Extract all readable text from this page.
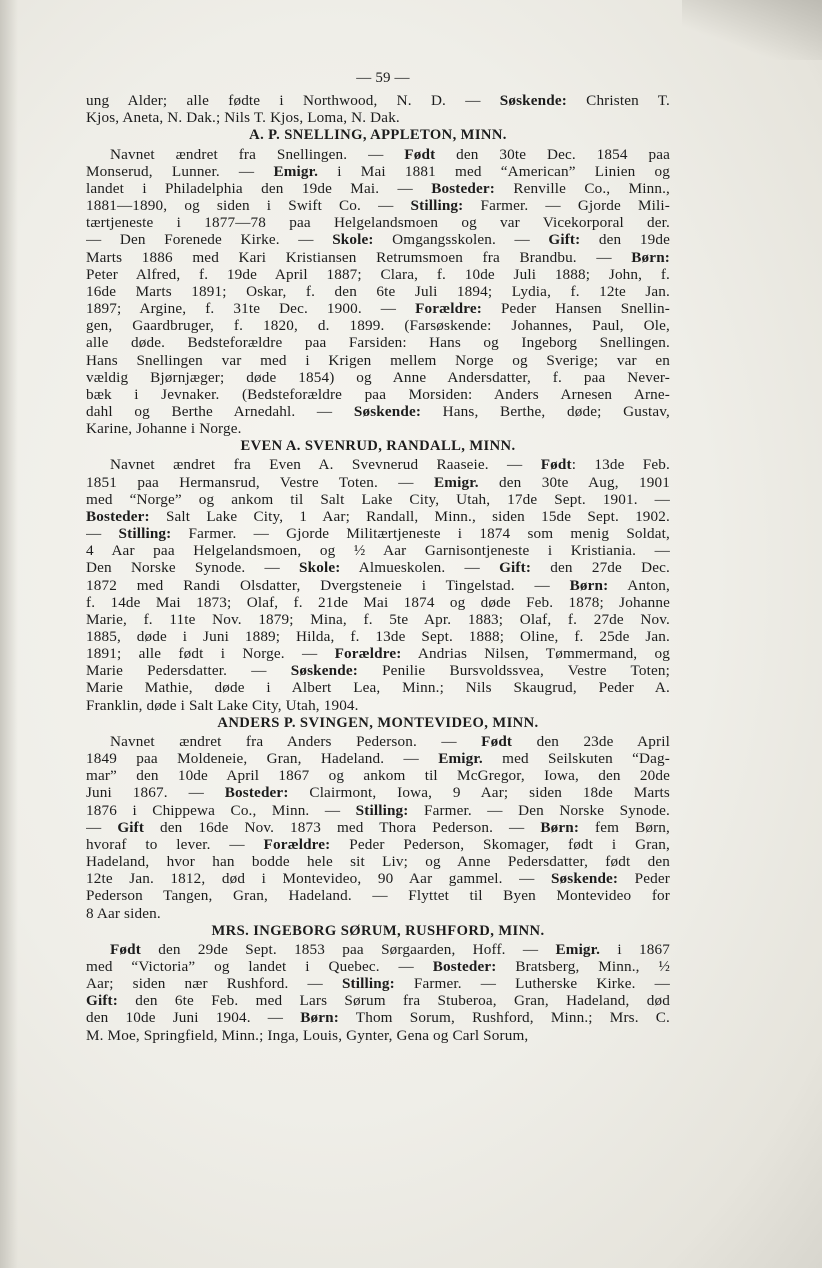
— 59 —
ung Alder; alle fødte i Northwood, N. D. — Søskende: Christen T.
Kjos, Aneta, N. Dak.; Nils T. Kjos, Loma, N. Dak.
A. P. SNELLING, APPLETON, MINN.
Navnet ændret fra Snellingen. — Født den 30te Dec. 1854 paa
Monserud, Lunner. — Emigr. i Mai 1881 med “American” Linien og
landet i Philadelphia den 19de Mai. — Bosteder: Renville Co., Minn.,
1881—1890, og siden i Swift Co. — Stilling: Farmer. — Gjorde Mili-
tærtjeneste i 1877—78 paa Helgelandsmoen og var Vicekorporal der.
— Den Forenede Kirke. — Skole: Omgangsskolen. — Gift: den 19de
Marts 1886 med Kari Kristiansen Retrumsmoen fra Brandbu. — Børn:
Peter Alfred, f. 19de April 1887; Clara, f. 10de Juli 1888; John, f.
16de Marts 1891; Oskar, f. den 6te Juli 1894; Lydia, f. 12te Jan.
1897; Argine, f. 31te Dec. 1900. — Forældre: Peder Hansen Snellin-
gen, Gaardbruger, f. 1820, d. 1899. (Farsøskende: Johannes, Paul, Ole,
alle døde. Bedsteforældre paa Farsiden: Hans og Ingeborg Snellingen.
Hans Snellingen var med i Krigen mellem Norge og Sverige; var en
vældig Bjørnjæger; døde 1854) og Anne Andersdatter, f. paa Never-
bæk i Jevnaker. (Bedsteforældre paa Morsiden: Anders Arnesen Arne-
dahl og Berthe Arnedahl. — Søskende: Hans, Berthe, døde; Gustav,
Karine, Johanne i Norge.
EVEN A. SVENRUD, RANDALL, MINN.
Navnet ændret fra Even A. Svevnerud Raaseie. — Født: 13de Feb.
1851 paa Hermansrud, Vestre Toten. — Emigr. den 30te Aug, 1901
med “Norge” og ankom til Salt Lake City, Utah, 17de Sept. 1901. —
Bosteder: Salt Lake City, 1 Aar; Randall, Minn., siden 15de Sept. 1902.
— Stilling: Farmer. — Gjorde Militærtjeneste i 1874 som menig Soldat,
4 Aar paa Helgelandsmoen, og ½ Aar Garnisontjeneste i Kristiania. —
Den Norske Synode. — Skole: Almueskolen. — Gift: den 27de Dec.
1872 med Randi Olsdatter, Dvergsteneie i Tingelstad. — Børn: Anton,
f. 14de Mai 1873; Olaf, f. 21de Mai 1874 og døde Feb. 1878; Johanne
Marie, f. 11te Nov. 1879; Mina, f. 5te Apr. 1883; Olaf, f. 27de Nov.
1885, døde i Juni 1889; Hilda, f. 13de Sept. 1888; Oline, f. 25de Jan.
1891; alle født i Norge. — Forældre: Andrias Nilsen, Tømmermand, og
Marie Pedersdatter. — Søskende: Penilie Bursvoldssvea, Vestre Toten;
Marie Mathie, døde i Albert Lea, Minn.; Nils Skaugrud, Peder A.
Franklin, døde i Salt Lake City, Utah, 1904.
ANDERS P. SVINGEN, MONTEVIDEO, MINN.
Navnet ændret fra Anders Pederson. — Født den 23de April
1849 paa Moldeneie, Gran, Hadeland. — Emigr. med Seilskuten “Dag-
mar” den 10de April 1867 og ankom til McGregor, Iowa, den 20de
Juni 1867. — Bosteder: Clairmont, Iowa, 9 Aar; siden 18de Marts
1876 i Chippewa Co., Minn. — Stilling: Farmer. — Den Norske Synode.
— Gift den 16de Nov. 1873 med Thora Pederson. — Børn: fem Børn,
hvoraf to lever. — Forældre: Peder Pederson, Skomager, født i Gran,
Hadeland, hvor han bodde hele sit Liv; og Anne Pedersdatter, født den
12te Jan. 1812, død i Montevideo, 90 Aar gammel. — Søskende: Peder
Pederson Tangen, Gran, Hadeland. — Flyttet til Byen Montevideo for
8 Aar siden.
MRS. INGEBORG SØRUM, RUSHFORD, MINN.
Født den 29de Sept. 1853 paa Sørgaarden, Hoff. — Emigr. i 1867
med “Victoria” og landet i Quebec. — Bosteder: Bratsberg, Minn., ½
Aar; siden nær Rushford. — Stilling: Farmer. — Lutherske Kirke. —
Gift: den 6te Feb. med Lars Sørum fra Stuberoa, Gran, Hadeland, død
den 10de Juni 1904. — Børn: Thom Sorum, Rushford, Minn.; Mrs. C.
M. Moe, Springfield, Minn.; Inga, Louis, Gynter, Gena og Carl Sorum,
